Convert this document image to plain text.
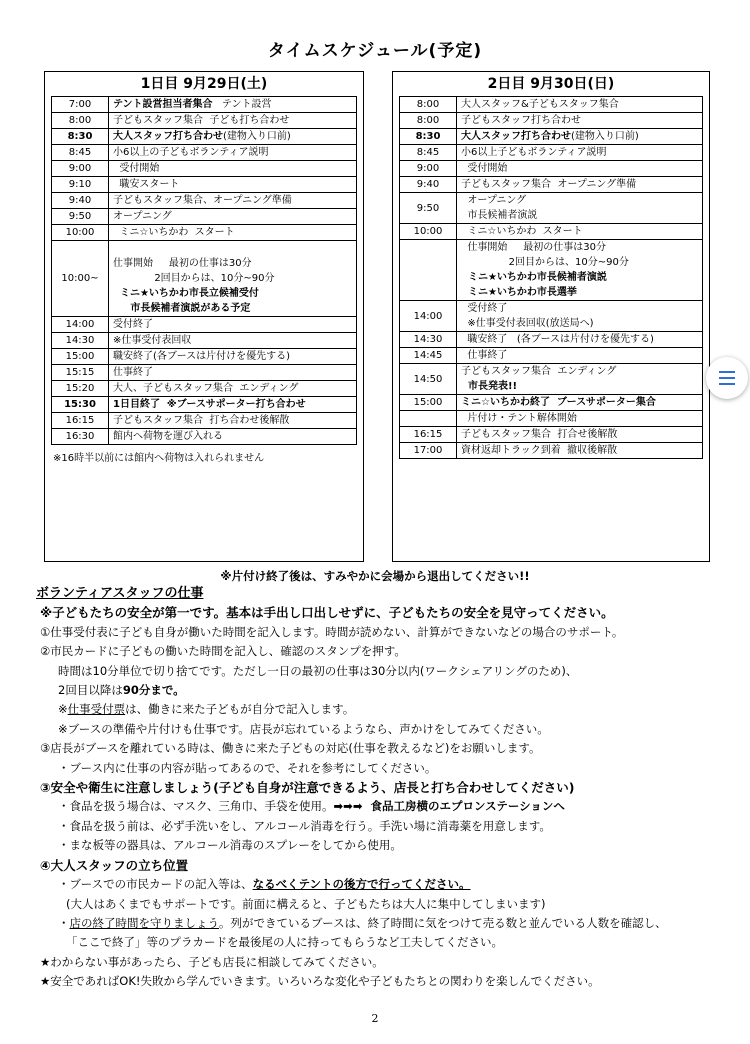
タイムスケジュール(予定)
1日目 9月29日(土)
7:00	テント設営担当者集合   テント設営

8:00	子どもスタッフ集合  子ども打ち合わせ

8:30	大人スタッフ打ち合わせ(建物入り口前)

8:45	小6以上の子どもボランティア説明

9:00	受付開始

9:10	職安スタート

9:40	子どもスタッフ集合、オープニング準備

9:50	オープニング

10:00	ミニ☆いちかわ  スタート

10:00~	仕事開始     最初の仕事は30分
2回目からは、10分~90分
ミニ★いちかわ市長立候補受付
市長候補者演説がある予定

14:00	受付終了

14:30	※仕事受付表回収

15:00	職安終了(各ブースは片付けを優先する)

15:15	仕事終了

15:20	大人、子どもスタッフ集合  エンディング

15:30	1日目終了  ※ブースサポーター打ち合わせ

16:15	子どもスタッフ集合  打ち合わせ後解散

16:30	館内へ荷物を運び入れる
※16時半以前には館内へ荷物は入れられません
2日目 9月30日(日)
8:00	大人スタッフ&子どもスタッフ集合

8:00	子どもスタッフ打ち合わせ

8:30	大人スタッフ打ち合わせ(建物入り口前)

8:45	小6以上子どもボランティア説明

9:00	受付開始

9:40	子どもスタッフ集合  オープニング準備

9:50	オープニング
市長候補者演説

10:00	ミニ☆いちかわ  スタート

	仕事開始     最初の仕事は30分
2回目からは、10分~90分
ミニ★いちかわ市長候補者演説
ミニ★いちかわ市長選挙

14:00	受付終了
※仕事受付表回収(放送局へ)

14:30	職安終了   (各ブースは片付けを優先する)

14:45	仕事終了

14:50	子どもスタッフ集合  エンディング
市長発表!!

15:00	ミニ☆いちかわ終了  ブースサポーター集合

	片付け・テント解体開始

16:15	子どもスタッフ集合  打合せ後解散

17:00	資材返却トラック到着  撤収後解散
※片付け終了後は、すみやかに会場から退出してください!!
ボランティアスタッフの仕事
※子どもたちの安全が第一です。基本は手出し口出しせずに、子どもたちの安全を見守ってください。
①仕事受付表に子ども自身が働いた時間を記入します。時間が読めない、計算ができないなどの場合のサポート。
②市民カードに子どもの働いた時間を記入し、確認のスタンプを押す。
時間は10分単位で切り捨てです。ただし一日の最初の仕事は30分以内(ワークシェアリングのため)、
2回目以降は90分まで。
※仕事受付票は、働きに来た子どもが自分で記入します。
※ブースの準備や片付けも仕事です。店長が忘れているようなら、声かけをしてみてください。
③店長がブースを離れている時は、働きに来た子どもの対応(仕事を教えるなど)をお願いします。
・ブース内に仕事の内容が貼ってあるので、それを参考にしてください。
③安全や衛生に注意しましょう(子ども自身が注意できるよう、店長と打ち合わせしてください)
・食品を扱う場合は、マスク、三角巾、手袋を使用。➡➡➡  食品工房横のエプロンステーションへ
・食品を扱う前は、必ず手洗いをし、アルコール消毒を行う。手洗い場に消毒薬を用意します。
・まな板等の器具は、アルコール消毒のスプレーをしてから使用。
④大人スタッフの立ち位置
・ブースでの市民カードの記入等は、なるべくテントの後方で行ってください。
(大人はあくまでもサポートです。前面に構えると、子どもたちは大人に集中してしまいます)
・店の終了時間を守りましょう。列ができているブースは、終了時間に気をつけて売る数と並んでいる人数を確認し、
「ここで終了」等のプラカードを最後尾の人に持ってもらうなど工夫してください。
★わからない事があったら、子ども店長に相談してみてください。
★安全であればOK!失敗から学んでいきます。いろいろな変化や子どもたちとの関わりを楽しんでください。
2
